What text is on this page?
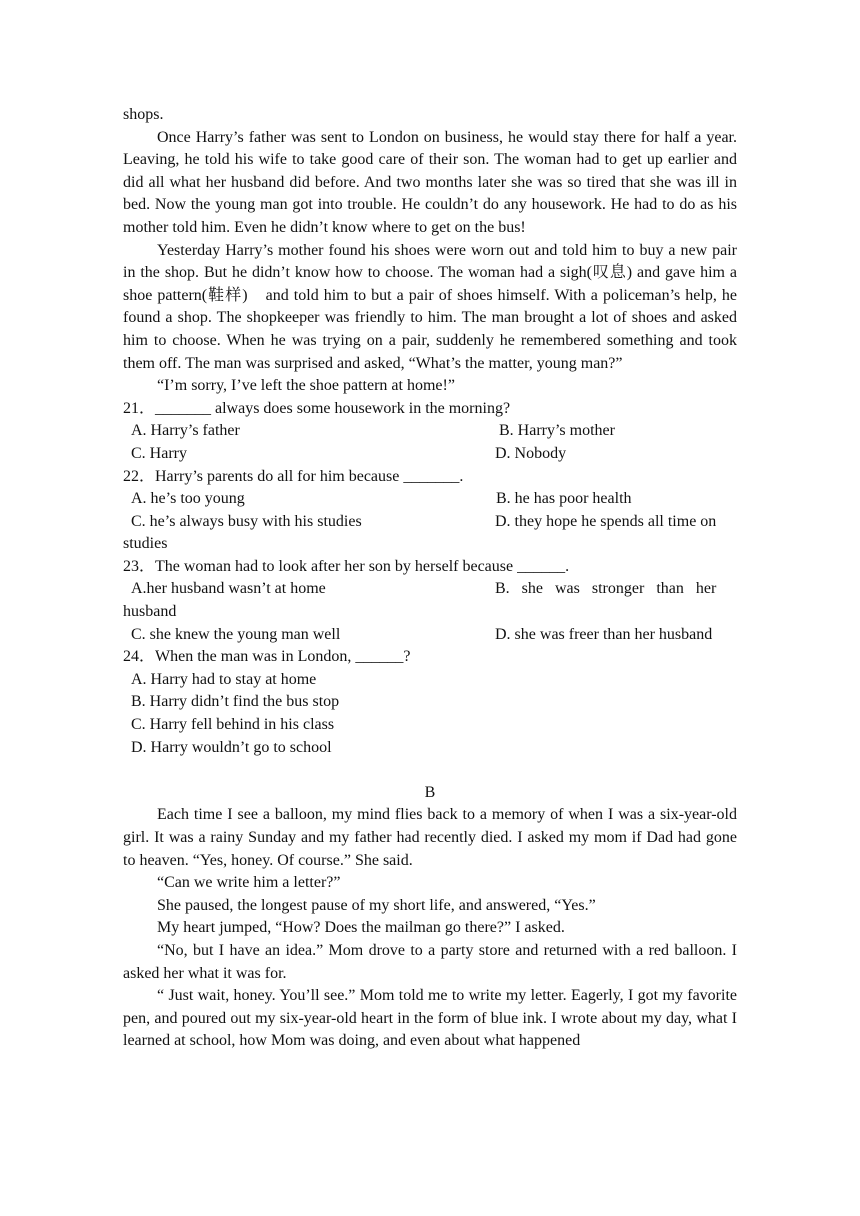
shops.

Once Harry’s father was sent to London on business, he would stay there for half a year. Leaving, he told his wife to take good care of their son. The woman had to get up earlier and did all what her husband did before. And two months later she was so tired that she was ill in bed. Now the young man got into trouble. He couldn’t do any housework. He had to do as his mother told him. Even he didn’t know where to get on the bus!

Yesterday Harry’s mother found his shoes were worn out and told him to buy a new pair in the shop. But he didn’t know how to choose. The woman had a sigh(叹息) and gave him a shoe pattern(鞋样)　and told him to but a pair of shoes himself. With a policeman’s help, he found a shop. The shopkeeper was friendly to him. The man brought a lot of shoes and asked him to choose. When he was trying on a pair, suddenly he remembered something and took them off. The man was surprised and asked, “What’s the matter, young man?”

“I’m sorry, I’ve left the shoe pattern at home!”

21．_______ always does some housework in the morning?

A. Harry’s father	B. Harry’s mother
C. Harry	D. Nobody

22．Harry’s parents do all for him because _______.

A. he’s too young	B. he has poor health
C. he’s always busy with his studies	D. they hope he spends all time on

studies

23．The woman had to look after her son by herself because ______.

A.her husband wasn’t at home	B.   she   was   stronger   than   her

husband

C. she knew the young man well	D. she was freer than her husband

24．When the man was in London, ______?

A. Harry had to stay at home

B. Harry didn’t find the bus stop

C. Harry fell behind in his class

D. Harry wouldn’t go to school

B

Each time I see a balloon, my mind flies back to a memory of when I was a six-year-old girl. It was a rainy Sunday and my father had recently died. I asked my mom if Dad had gone to heaven. “Yes, honey. Of course.” She said.

“Can we write him a letter?”

She paused, the longest pause of my short life, and answered, “Yes.”

My heart jumped, “How? Does the mailman go there?” I asked.

“No, but I have an idea.” Mom drove to a party store and returned with a red balloon. I asked her what it was for.

“ Just wait, honey. You’ll see.” Mom told me to write my letter. Eagerly, I got my favorite pen, and poured out my six-year-old heart in the form of blue ink. I wrote about my day, what I learned at school, how Mom was doing, and even about what happened
